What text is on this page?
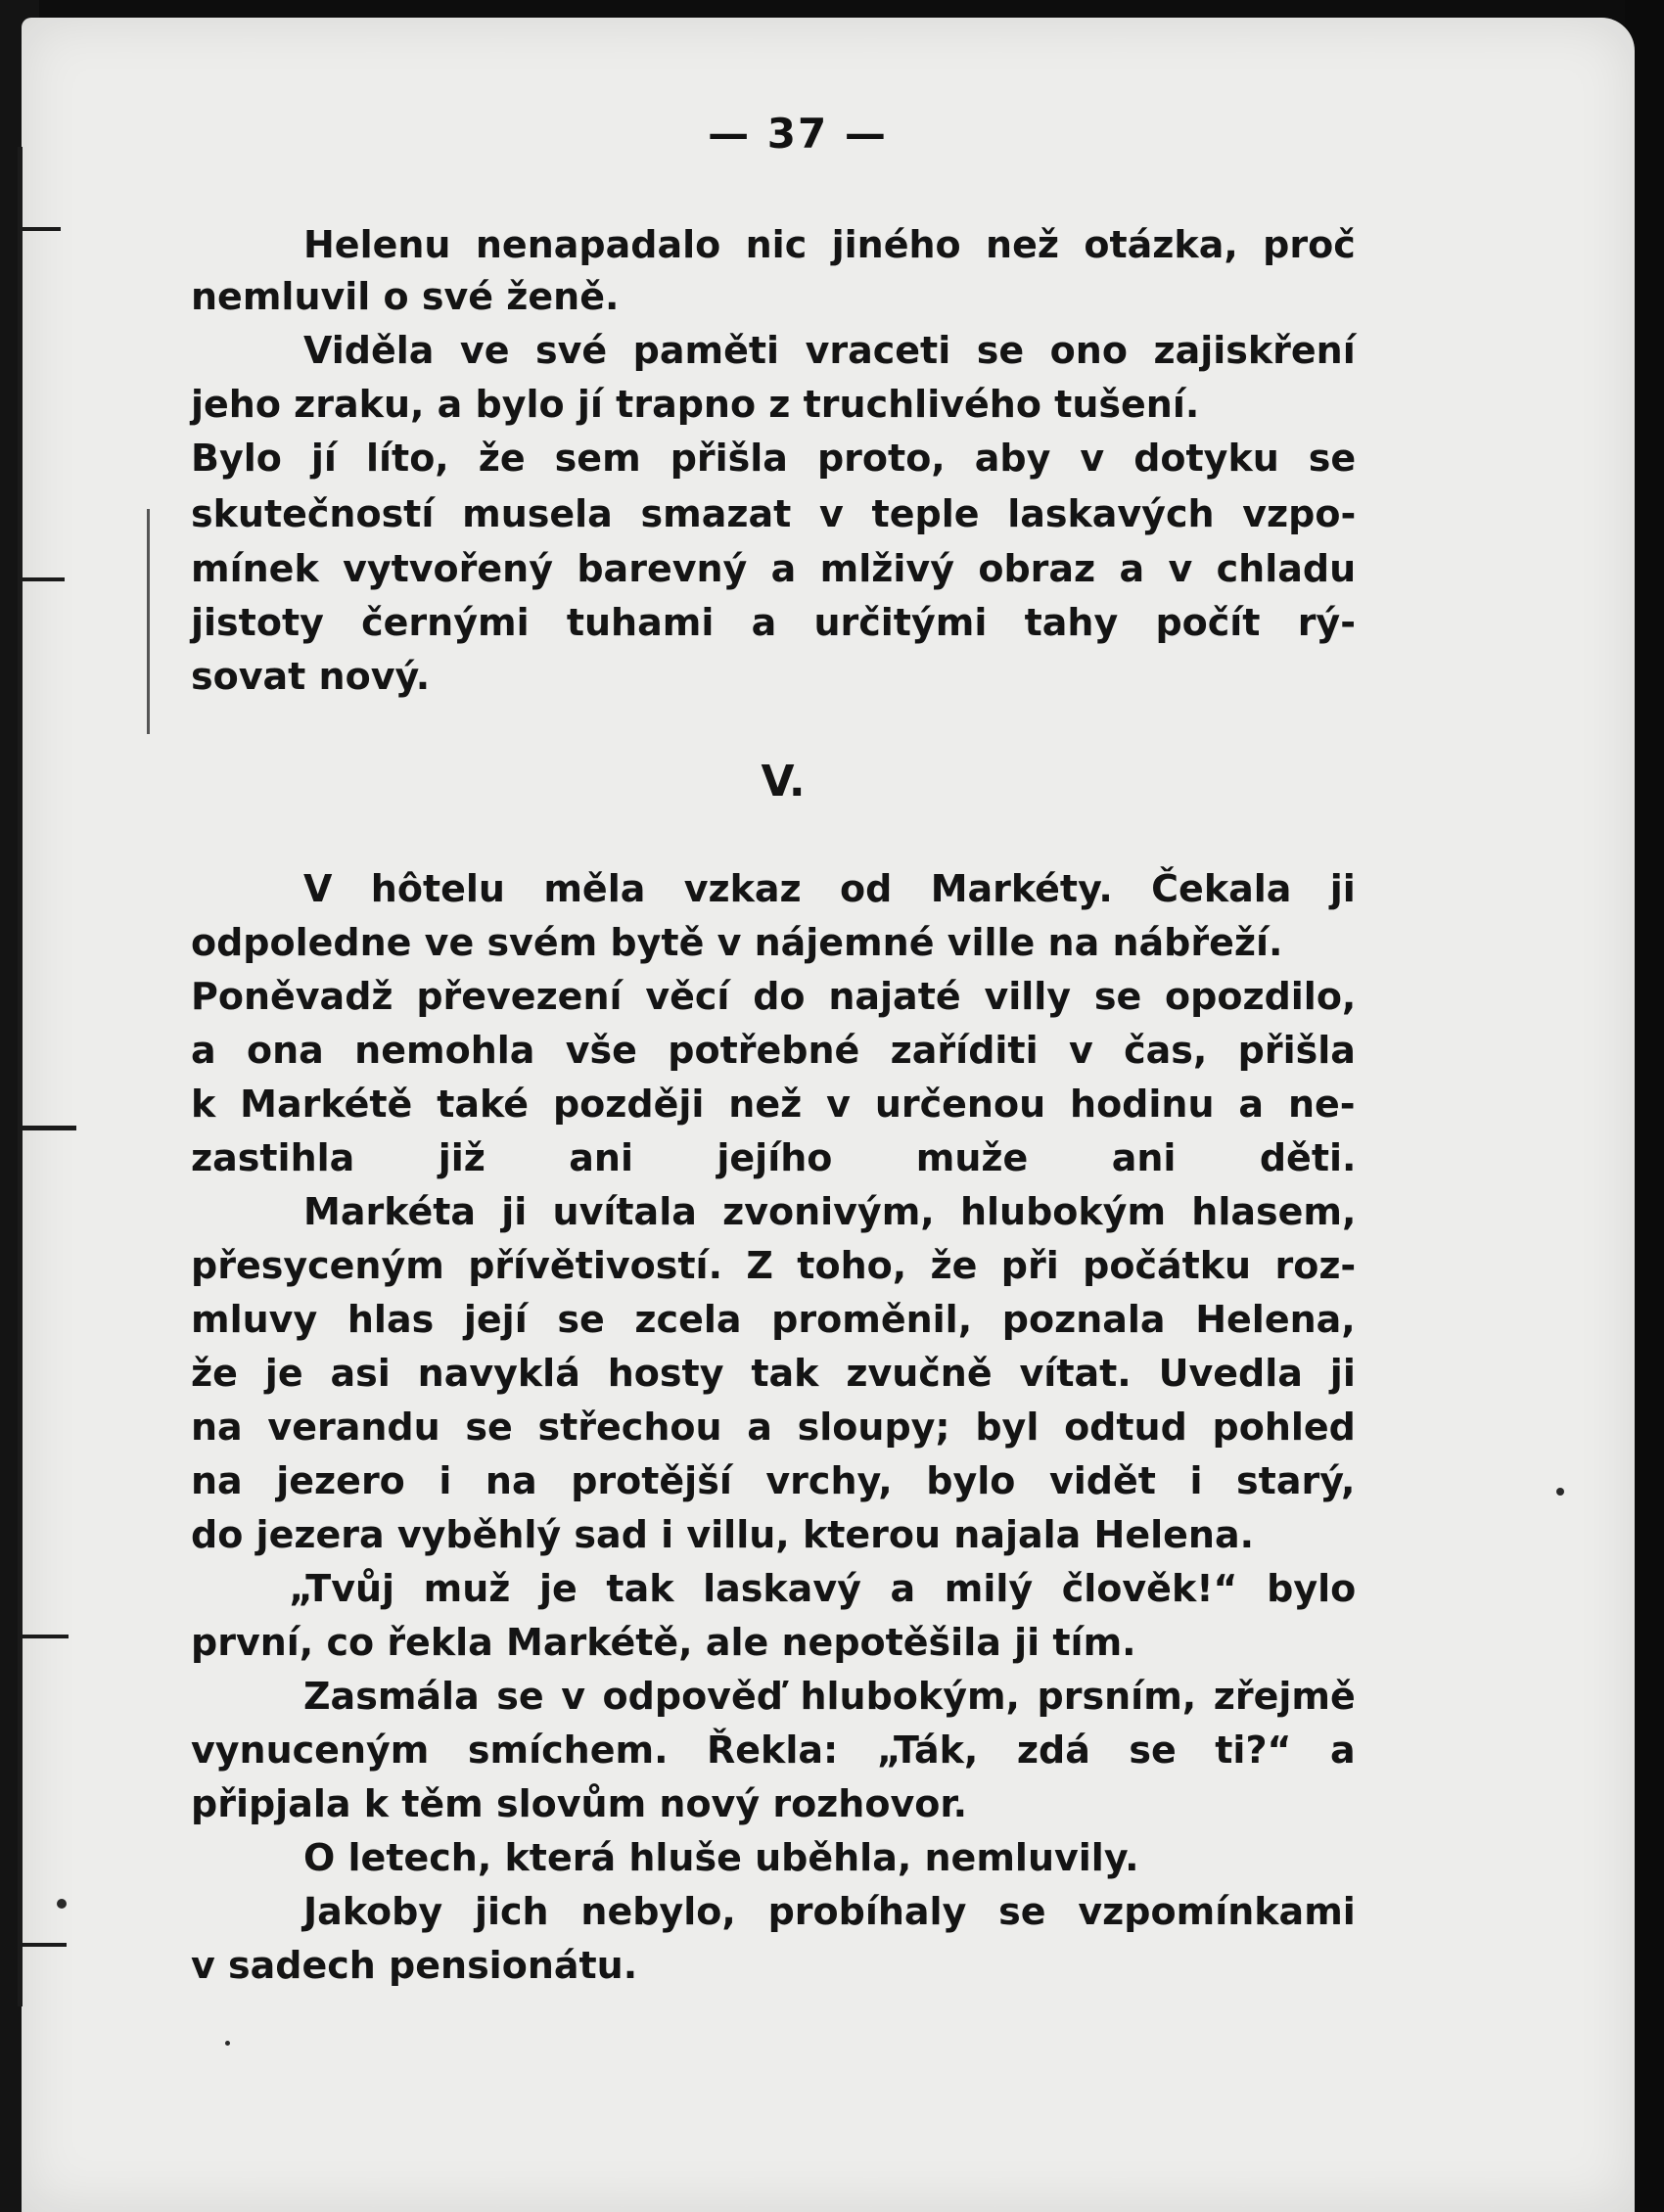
— 37 —
Helenu nenapadalo nic jiného než otázka, proč
nemluvil o své ženě.
Viděla ve své paměti vraceti se ono zajiskření
jeho zraku, a bylo jí trapno z truchlivého tušení.
Bylo jí líto, že sem přišla proto, aby v dotyku se
skutečností musela smazat v teple laskavých vzpo-
mínek vytvořený barevný a mlživý obraz a v chladu
jistoty černými tuhami a určitými tahy počít rý-
sovat nový.
V.
V hôtelu měla vzkaz od Markéty. Čekala ji
odpoledne ve svém bytě v nájemné ville na nábřeží.
Poněvadž převezení věcí do najaté villy se opozdilo,
a ona nemohla vše potřebné zaříditi v čas, přišla
k Markétě také později než v určenou hodinu a ne-
zastihla již ani jejího muže ani děti.
Markéta ji uvítala zvonivým, hlubokým hlasem,
přesyceným přívětivostí. Z toho, že při počátku roz-
mluvy hlas její se zcela proměnil, poznala Helena,
že je asi navyklá hosty tak zvučně vítat. Uvedla ji
na verandu se střechou a sloupy; byl odtud pohled
na jezero i na protější vrchy, bylo vidět i starý,
do jezera vyběhlý sad i villu, kterou najala Helena.
„Tvůj muž je tak laskavý a milý člověk!“ bylo
první, co řekla Markétě, ale nepotěšila ji tím.
Zasmála se v odpověď hlubokým, prsním, zřejmě
vynuceným smíchem. Řekla: „Ták, zdá se ti?“ a
připjala k těm slovům nový rozhovor.
O letech, která hluše uběhla, nemluvily.
Jakoby jich nebylo, probíhaly se vzpomínkami
v sadech pensionátu.
